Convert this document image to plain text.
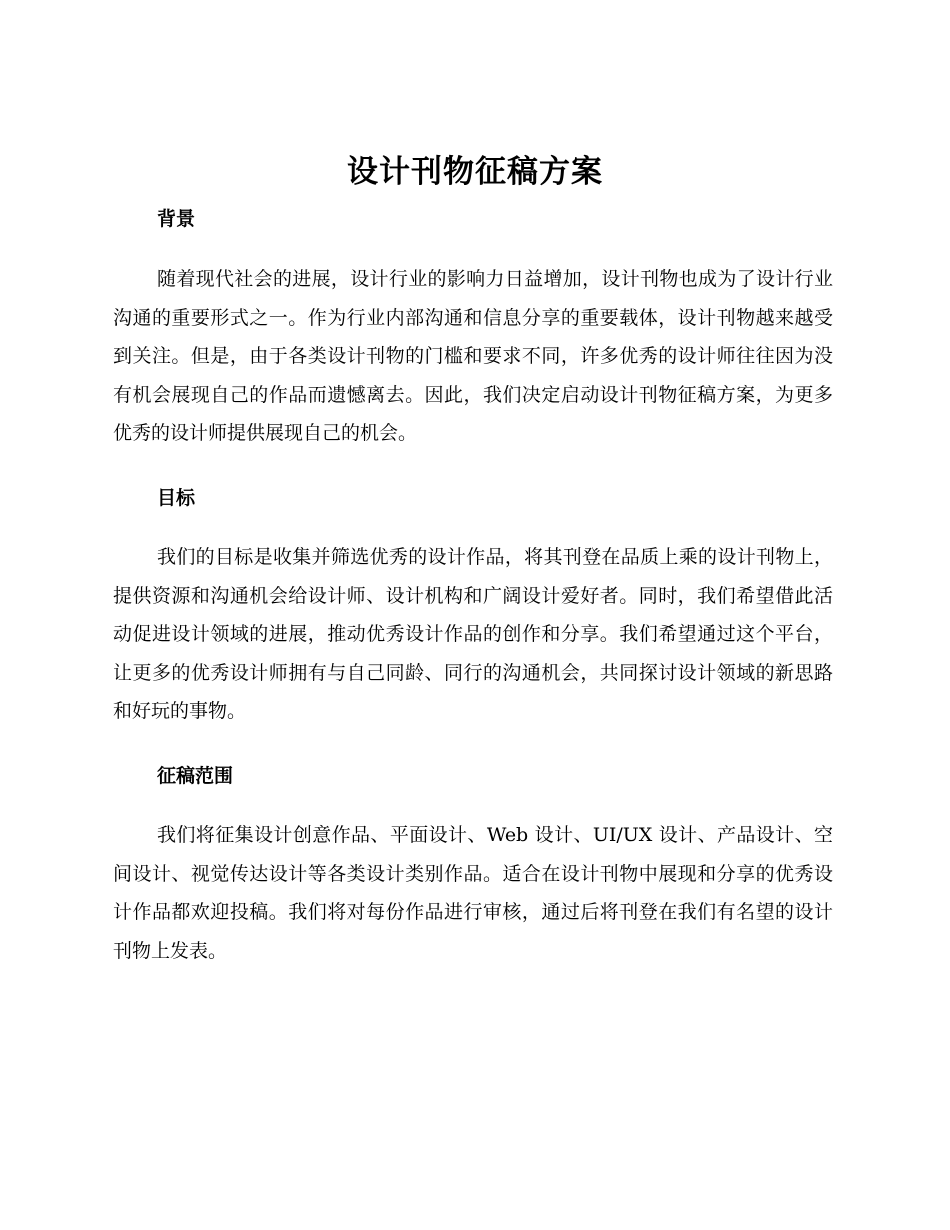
设计刊物征稿方案
背景

随着现代社会的进展，设计行业的影响力日益增加，设计刊物也成为了设计行业沟通的重要形式之一。作为行业内部沟通和信息分享的重要载体，设计刊物越来越受到关注。但是，由于各类设计刊物的门槛和要求不同，许多优秀的设计师往往因为没有机会展现自己的作品而遗憾离去。因此，我们决定启动设计刊物征稿方案，为更多优秀的设计师提供展现自己的机会。

目标

我们的目标是收集并筛选优秀的设计作品，将其刊登在品质上乘的设计刊物上，提供资源和沟通机会给设计师、设计机构和广阔设计爱好者。同时，我们希望借此活动促进设计领域的进展，推动优秀设计作品的创作和分享。我们希望通过这个平台，让更多的优秀设计师拥有与自己同龄、同行的沟通机会，共同探讨设计领域的新思路和好玩的事物。

征稿范围

我们将征集设计创意作品、平面设计、Web 设计、UI/UX 设计、产品设计、空间设计、视觉传达设计等各类设计类别作品。适合在设计刊物中展现和分享的优秀设计作品都欢迎投稿。我们将对每份作品进行审核，通过后将刊登在我们有名望的设计刊物上发表。
